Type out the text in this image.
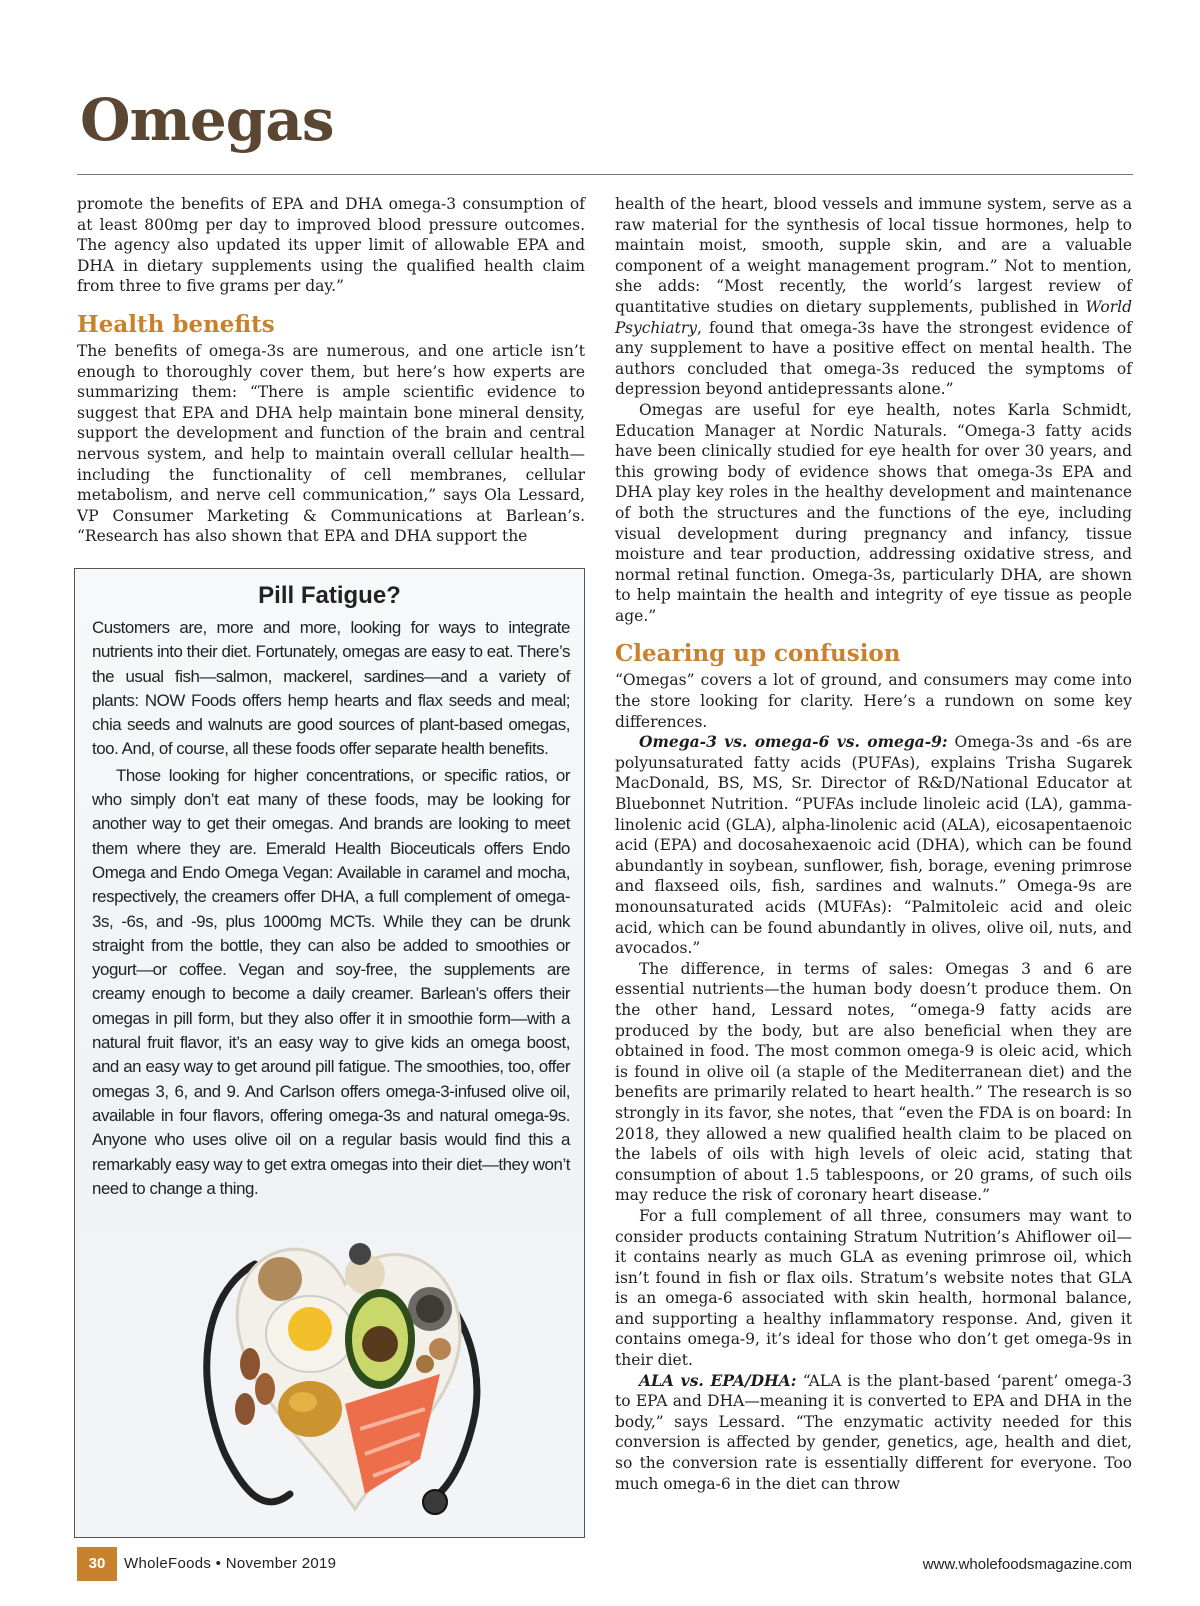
Omegas

promote the benefits of EPA and DHA omega-3 consumption of at least 800mg per day to improved blood pressure outcomes. The agency also updated its upper limit of allowable EPA and DHA in dietary supplements using the qualified health claim from three to five grams per day.”

Health benefits

The benefits of omega-3s are numerous, and one article isn’t enough to thoroughly cover them, but here’s how experts are summarizing them: “There is ample scientific evidence to suggest that EPA and DHA help maintain bone mineral density, support the development and function of the brain and central nervous system, and help to maintain overall cellular health—including the functionality of cell membranes, cellular metabolism, and nerve cell communication,” says Ola Lessard, VP Consumer Marketing & Communications at Barlean’s. “Research has also shown that EPA and DHA support the

Pill Fatigue?

Customers are, more and more, looking for ways to integrate nutrients into their diet. Fortunately, omegas are easy to eat. There’s the usual fish—salmon, mackerel, sardines—and a variety of plants: NOW Foods offers hemp hearts and flax seeds and meal; chia seeds and walnuts are good sources of plant-based omegas, too. And, of course, all these foods offer separate health benefits.

Those looking for higher concentrations, or specific ratios, or who simply don’t eat many of these foods, may be looking for another way to get their omegas. And brands are looking to meet them where they are. Emerald Health Bioceuticals offers Endo Omega and Endo Omega Vegan: Available in caramel and mocha, respectively, the creamers offer DHA, a full complement of omega-3s, -6s, and -9s, plus 1000mg MCTs. While they can be drunk straight from the bottle, they can also be added to smoothies or yogurt—or coffee. Vegan and soy-free, the supplements are creamy enough to become a daily creamer. Barlean’s offers their omegas in pill form, but they also offer it in smoothie form—with a natural fruit flavor, it’s an easy way to give kids an omega boost, and an easy way to get around pill fatigue. The smoothies, too, offer omegas 3, 6, and 9. And Carlson offers omega-3-infused olive oil, available in four flavors, offering omega-3s and natural omega-9s. Anyone who uses olive oil on a regular basis would find this a remarkably easy way to get extra omegas into their diet—they won’t need to change a thing.

health of the heart, blood vessels and immune system, serve as a raw material for the synthesis of local tissue hormones, help to maintain moist, smooth, supple skin, and are a valuable component of a weight management program.” Not to mention, she adds: “Most recently, the world’s largest review of quantitative studies on dietary supplements, published in World Psychiatry, found that omega-3s have the strongest evidence of any supplement to have a positive effect on mental health. The authors concluded that omega-3s reduced the symptoms of depression beyond antidepressants alone.”

Omegas are useful for eye health, notes Karla Schmidt, Education Manager at Nordic Naturals. “Omega-3 fatty acids have been clinically studied for eye health for over 30 years, and this growing body of evidence shows that omega-3s EPA and DHA play key roles in the healthy development and maintenance of both the structures and the functions of the eye, including visual development during pregnancy and infancy, tissue moisture and tear production, addressing oxidative stress, and normal retinal function. Omega-3s, particularly DHA, are shown to help maintain the health and integrity of eye tissue as people age.”

Clearing up confusion

“Omegas” covers a lot of ground, and consumers may come into the store looking for clarity. Here’s a rundown on some key differences.

Omega-3 vs. omega-6 vs. omega-9: Omega-3s and -6s are polyunsaturated fatty acids (PUFAs), explains Trisha Sugarek MacDonald, BS, MS, Sr. Director of R&D/National Educator at Bluebonnet Nutrition. “PUFAs include linoleic acid (LA), gamma-linolenic acid (GLA), alpha-linolenic acid (ALA), eicosapentaenoic acid (EPA) and docosahexaenoic acid (DHA), which can be found abundantly in soybean, sunflower, fish, borage, evening primrose and flaxseed oils, fish, sardines and walnuts.” Omega-9s are monounsaturated acids (MUFAs): “Palmitoleic acid and oleic acid, which can be found abundantly in olives, olive oil, nuts, and avocados.”

The difference, in terms of sales: Omegas 3 and 6 are essential nutrients—the human body doesn’t produce them. On the other hand, Lessard notes, “omega-9 fatty acids are produced by the body, but are also beneficial when they are obtained in food. The most common omega-9 is oleic acid, which is found in olive oil (a staple of the Mediterranean diet) and the benefits are primarily related to heart health.” The research is so strongly in its favor, she notes, that “even the FDA is on board: In 2018, they allowed a new qualified health claim to be placed on the labels of oils with high levels of oleic acid, stating that consumption of about 1.5 tablespoons, or 20 grams, of such oils may reduce the risk of coronary heart disease.”

For a full complement of all three, consumers may want to consider products containing Stratum Nutrition’s Ahiflower oil—it contains nearly as much GLA as evening primrose oil, which isn’t found in fish or flax oils. Stratum’s website notes that GLA is an omega-6 associated with skin health, hormonal balance, and supporting a healthy inflammatory response. And, given it contains omega-9, it’s ideal for those who don’t get omega-9s in their diet.

ALA vs. EPA/DHA: “ALA is the plant-based ‘parent’ omega-3 to EPA and DHA—meaning it is converted to EPA and DHA in the body,” says Lessard. “The enzymatic activity needed for this conversion is affected by gender, genetics, age, health and diet, so the conversion rate is essentially different for everyone. Too much omega-6 in the diet can throw

30	WholeFoods • November 2019	www.wholefoodsmagazine.com
